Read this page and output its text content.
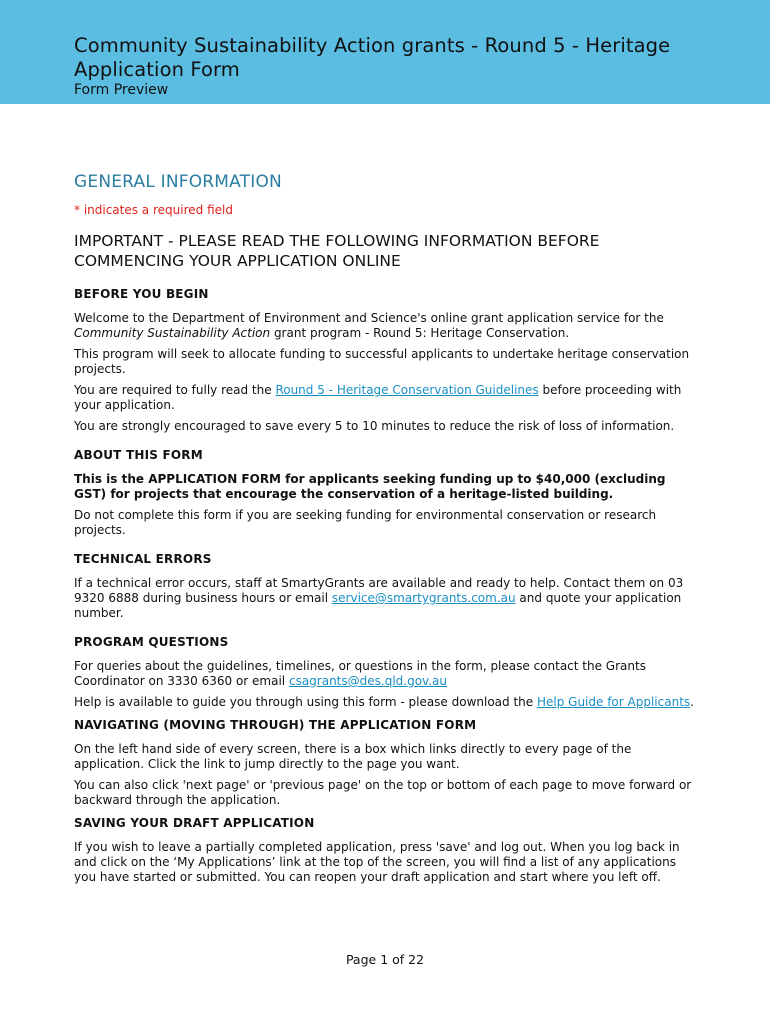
Community Sustainability Action grants - Round 5 - Heritage Application Form
Form Preview
GENERAL INFORMATION
* indicates a required field
IMPORTANT - PLEASE READ THE FOLLOWING INFORMATION BEFORE COMMENCING YOUR APPLICATION ONLINE
BEFORE YOU BEGIN
Welcome to the Department of Environment and Science's online grant application service for the Community Sustainability Action grant program - Round 5: Heritage Conservation.
This program will seek to allocate funding to successful applicants to undertake heritage conservation projects.
You are required to fully read the Round 5 - Heritage Conservation Guidelines before proceeding with your application.
You are strongly encouraged to save every 5 to 10 minutes to reduce the risk of loss of information.
ABOUT THIS FORM
This is the APPLICATION FORM for applicants seeking funding up to $40,000 (excluding GST) for projects that encourage the conservation of a heritage-listed building.
Do not complete this form if you are seeking funding for environmental conservation or research projects.
TECHNICAL ERRORS
If a technical error occurs, staff at SmartyGrants are available and ready to help. Contact them on 03 9320 6888 during business hours or email service@smartygrants.com.au and quote your application number.
PROGRAM QUESTIONS
For queries about the guidelines, timelines, or questions in the form, please contact the Grants Coordinator on 3330 6360 or email csagrants@des.qld.gov.au
Help is available to guide you through using this form - please download the Help Guide for Applicants.
NAVIGATING (MOVING THROUGH) THE APPLICATION FORM
On the left hand side of every screen, there is a box which links directly to every page of the application. Click the link to jump directly to the page you want.
You can also click 'next page' or 'previous page' on the top or bottom of each page to move forward or backward through the application.
SAVING YOUR DRAFT APPLICATION
If you wish to leave a partially completed application, press 'save' and log out. When you log back in and click on the ‘My Applications’ link at the top of the screen, you will find a list of any applications you have started or submitted. You can reopen your draft application and start where you left off.
Page 1 of 22
